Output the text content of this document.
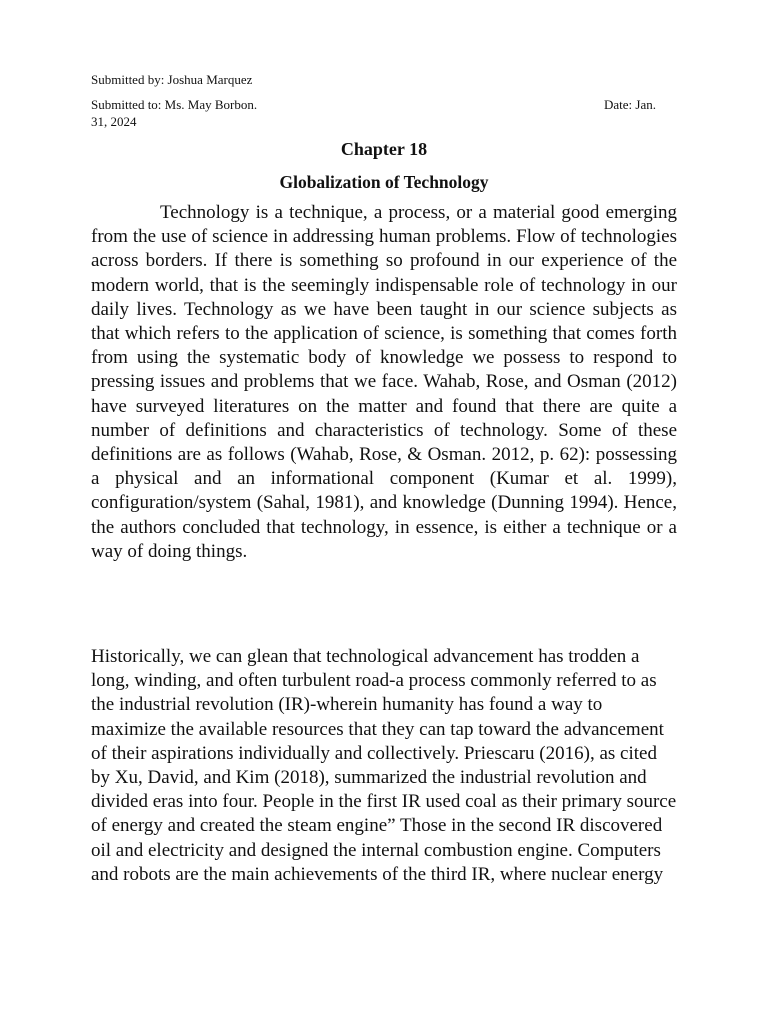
Submitted by: Joshua Marquez
Submitted to: Ms. May Borbon.	Date: Jan.
31, 2024
Chapter 18
Globalization of Technology

Technology is a technique, a process, or a material good emerging from the use of science in addressing human problems. Flow of technologies across borders. If there is something so profound in our experience of the modern world, that is the seemingly indispensable role of technology in our daily lives. Technology as we have been taught in our science subjects as that which refers to the application of science, is something that comes forth from using the systematic body of knowledge we possess to respond to pressing issues and problems that we face. Wahab, Rose, and Osman (2012) have surveyed literatures on the matter and found that there are quite a number of definitions and characteristics of technology. Some of these definitions are as follows (Wahab, Rose, & Osman. 2012, p. 62): possessing a physical and an informational component (Kumar et al. 1999), configuration/system (Sahal, 1981), and knowledge (Dunning 1994). Hence, the authors concluded that technology, in essence, is either a technique or a way of doing things.

Historically, we can glean that technological advancement has trodden a long, winding, and often turbulent road-a process commonly referred to as the industrial revolution (IR)-wherein humanity has found a way to maximize the available resources that they can tap toward the advancement of their aspirations individually and collectively. Priescaru (2016), as cited by Xu, David, and Kim (2018), summarized the industrial revolution and divided eras into four. People in the first IR used coal as their primary source of energy and created the steam engine” Those in the second IR discovered oil and electricity and designed the internal combustion engine. Computers and robots are the main achievements of the third IR, where nuclear energy
